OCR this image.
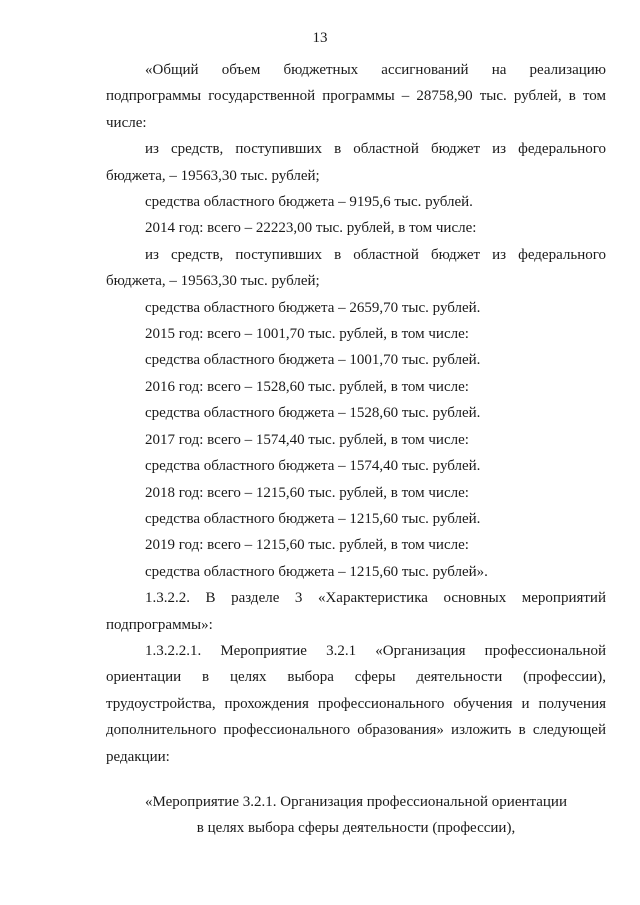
13
«Общий объем бюджетных ассигнований на реализацию
подпрограммы государственной программы – 28758,90 тыс. рублей, в том
числе:
из средств, поступивших в областной бюджет из федерального
бюджета, – 19563,30 тыс. рублей;
средства областного бюджета – 9195,6 тыс. рублей.
2014 год: всего – 22223,00 тыс. рублей, в том числе:
из средств, поступивших в областной бюджет из федерального
бюджета, – 19563,30 тыс. рублей;
средства областного бюджета – 2659,70 тыс. рублей.
2015 год: всего – 1001,70 тыс. рублей, в том числе:
средства областного бюджета – 1001,70 тыс. рублей.
2016 год: всего – 1528,60 тыс. рублей, в том числе:
средства областного бюджета – 1528,60 тыс. рублей.
2017 год: всего – 1574,40 тыс. рублей, в том числе:
средства областного бюджета – 1574,40 тыс. рублей.
2018 год: всего – 1215,60 тыс. рублей, в том числе:
средства областного бюджета – 1215,60 тыс. рублей.
2019 год: всего – 1215,60 тыс. рублей, в том числе:
средства областного бюджета – 1215,60 тыс. рублей».
1.3.2.2. В разделе 3 «Характеристика основных мероприятий
подпрограммы»:
1.3.2.2.1. Мероприятие 3.2.1 «Организация профессиональной
ориентации в целях выбора сферы деятельности (профессии),
трудоустройства, прохождения профессионального обучения и получения
дополнительного профессионального образования» изложить в следующей
редакции:
«Мероприятие 3.2.1. Организация профессиональной ориентации
в целях выбора сферы деятельности (профессии),
